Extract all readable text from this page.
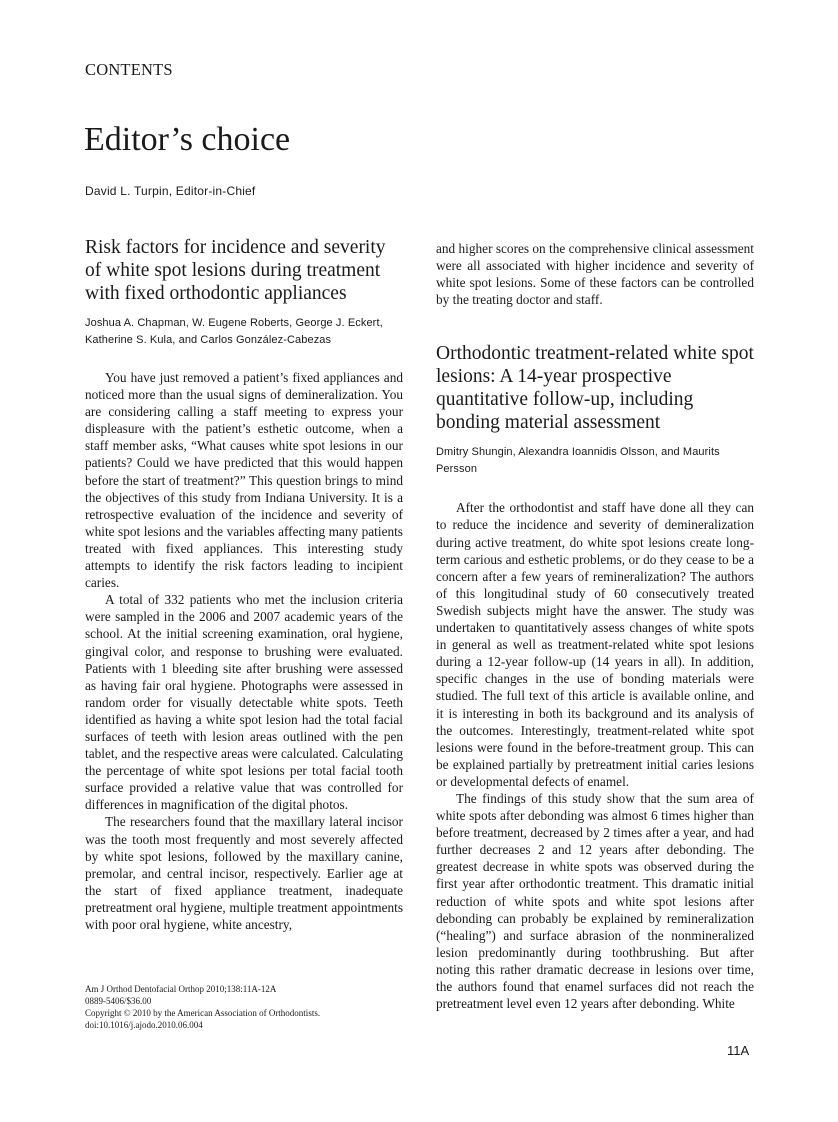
CONTENTS
Editor’s choice
David L. Turpin, Editor-in-Chief
Risk factors for incidence and severity of white spot lesions during treatment with fixed orthodontic appliances

Joshua A. Chapman, W. Eugene Roberts, George J. Eckert, Katherine S. Kula, and Carlos González-Cabezas

You have just removed a patient’s fixed appliances and noticed more than the usual signs of demineralization. You are considering calling a staff meeting to express your displeasure with the patient’s esthetic outcome, when a staff member asks, “What causes white spot lesions in our patients? Could we have predicted that this would happen before the start of treatment?” This question brings to mind the objectives of this study from Indiana University. It is a retrospective evaluation of the incidence and severity of white spot lesions and the variables affecting many patients treated with fixed appliances. This interesting study attempts to identify the risk factors leading to incipient caries.

A total of 332 patients who met the inclusion criteria were sampled in the 2006 and 2007 academic years of the school. At the initial screening examination, oral hygiene, gingival color, and response to brushing were evaluated. Patients with 1 bleeding site after brushing were assessed as having fair oral hygiene. Photographs were assessed in random order for visually detectable white spots. Teeth identified as having a white spot lesion had the total facial surfaces of teeth with lesion areas outlined with the pen tablet, and the respective areas were calculated. Calculating the percentage of white spot lesions per total facial tooth surface provided a relative value that was controlled for differences in magnification of the digital photos.

The researchers found that the maxillary lateral incisor was the tooth most frequently and most severely affected by white spot lesions, followed by the maxillary canine, premolar, and central incisor, respectively. Earlier age at the start of fixed appliance treatment, inadequate pretreatment oral hygiene, multiple treatment appointments with poor oral hygiene, white ancestry,

and higher scores on the comprehensive clinical assessment were all associated with higher incidence and severity of white spot lesions. Some of these factors can be controlled by the treating doctor and staff.

Orthodontic treatment-related white spot lesions: A 14-year prospective quantitative follow-up, including bonding material assessment

Dmitry Shungin, Alexandra Ioannidis Olsson, and Maurits Persson

After the orthodontist and staff have done all they can to reduce the incidence and severity of demineralization during active treatment, do white spot lesions create long-term carious and esthetic problems, or do they cease to be a concern after a few years of remineralization? The authors of this longitudinal study of 60 consecutively treated Swedish subjects might have the answer. The study was undertaken to quantitatively assess changes of white spots in general as well as treatment-related white spot lesions during a 12-year follow-up (14 years in all). In addition, specific changes in the use of bonding materials were studied. The full text of this article is available online, and it is interesting in both its background and its analysis of the outcomes. Interestingly, treatment-related white spot lesions were found in the before-treatment group. This can be explained partially by pretreatment initial caries lesions or developmental defects of enamel.

The findings of this study show that the sum area of white spots after debonding was almost 6 times higher than before treatment, decreased by 2 times after a year, and had further decreases 2 and 12 years after debonding. The greatest decrease in white spots was observed during the first year after orthodontic treatment. This dramatic initial reduction of white spots and white spot lesions after debonding can probably be explained by remineralization (“healing”) and surface abrasion of the nonmineralized lesion predominantly during toothbrushing. But after noting this rather dramatic decrease in lesions over time, the authors found that enamel surfaces did not reach the pretreatment level even 12 years after debonding. White

Am J Orthod Dentofacial Orthop 2010;138:11A-12A
0889-5406/$36.00
Copyright © 2010 by the American Association of Orthodontists.
doi:10.1016/j.ajodo.2010.06.004
11A
